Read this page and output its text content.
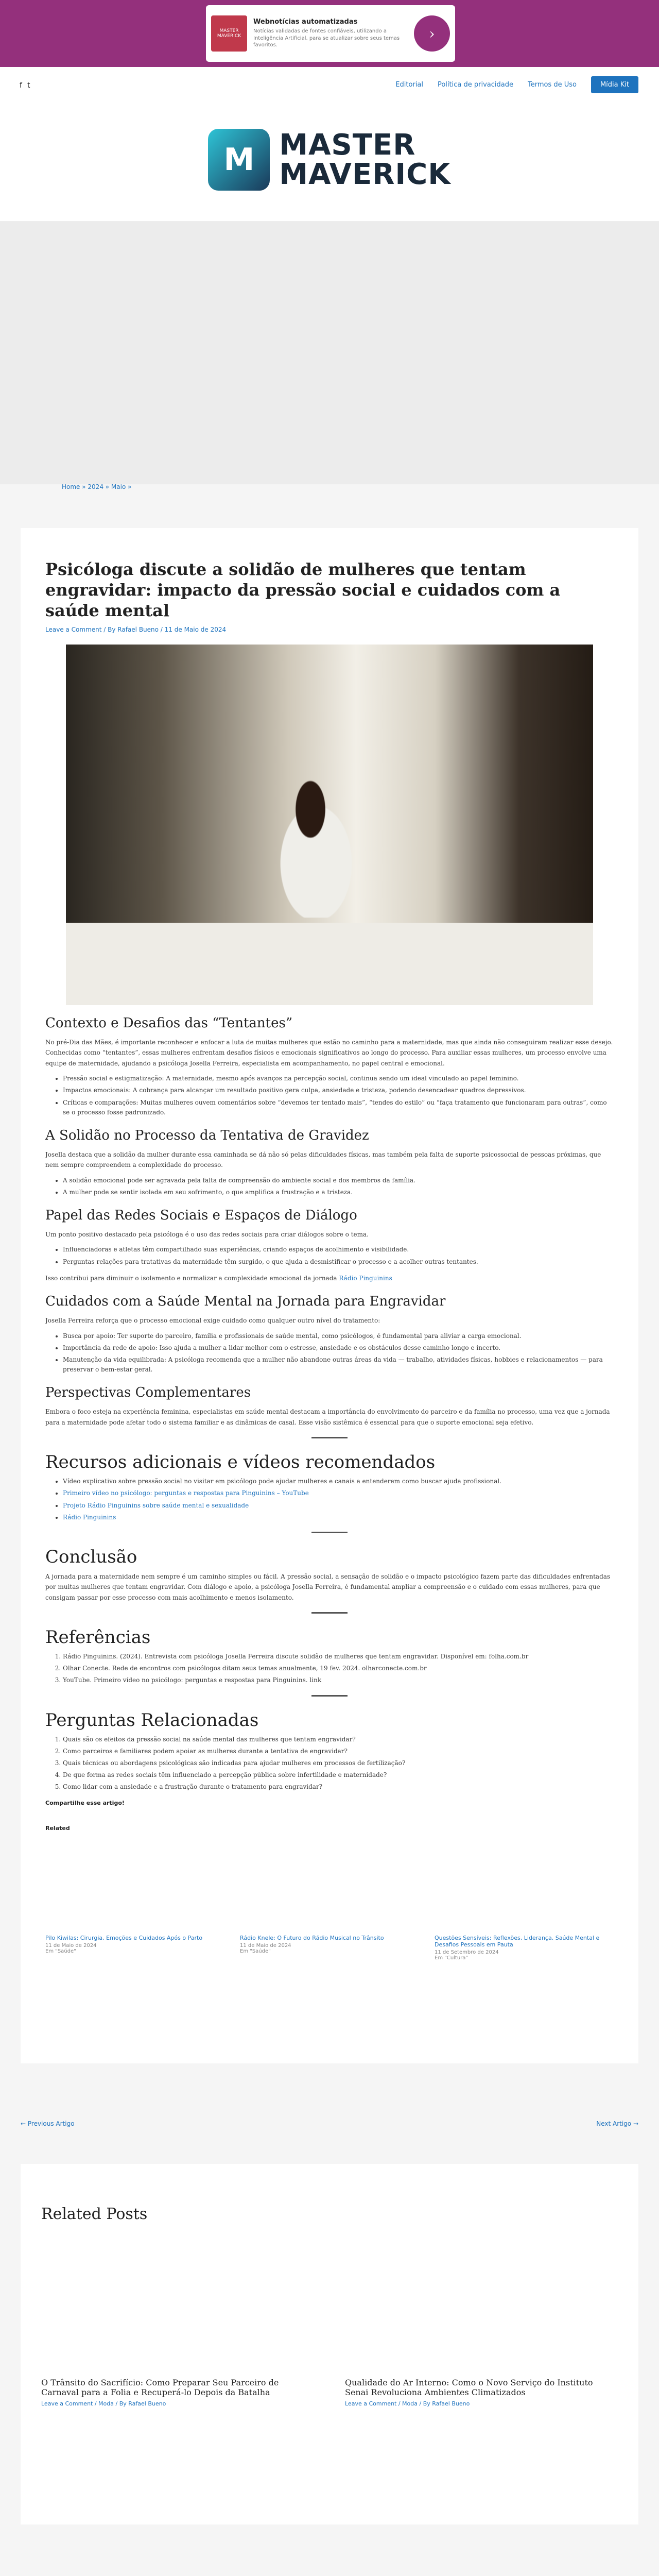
MASTER MAVERICK
Webnotícias automatizadas
Notícias validadas de fontes confiáveis, utilizando a Inteligência Artificial, para se atualizar sobre seus temas favoritos.
›
f t	Editorial Política de privacidade Termos de Uso	Mídia Kit
M MASTER
MAVERICK
Home » 2024 » Maio »
Psicóloga discute a solidão de mulheres que tentam engravidar: impacto da pressão social e cuidados com a saúde mental
Leave a Comment / By Rafael Bueno / 11 de Maio de 2024
Contexto e Desafios das “Tentantes”

No pré-Dia das Mães, é importante reconhecer e enfocar a luta de muitas mulheres que estão no caminho para a maternidade, mas que ainda não conseguiram realizar esse desejo. Conhecidas como “tentantes”, essas mulheres enfrentam desafios físicos e emocionais significativos ao longo do processo. Para auxiliar essas mulheres, um processo envolve uma equipe de maternidade, ajudando a psicóloga Josella Ferreira, especialista em acompanhamento, no papel central e emocional.

• Pressão social e estigmatização: A maternidade, mesmo após avanços na percepção social, continua sendo um ideal vinculado ao papel feminino.
• Impactos emocionais: A cobrança para alcançar um resultado positivo gera culpa, ansiedade e tristeza, podendo desencadear quadros depressivos.
• Críticas e comparações: Muitas mulheres ouvem comentários sobre “devemos ter tentado mais”, “tendes do estilo” ou “faça tratamento que funcionaram para outras”, como se o processo fosse padronizado.
A Solidão no Processo da Tentativa de Gravidez

Josella destaca que a solidão da mulher durante essa caminhada se dá não só pelas dificuldades físicas, mas também pela falta de suporte psicossocial de pessoas próximas, que nem sempre compreendem a complexidade do processo.

• A solidão emocional pode ser agravada pela falta de compreensão do ambiente social e dos membros da família.
• A mulher pode se sentir isolada em seu sofrimento, o que amplifica a frustração e a tristeza.
Papel das Redes Sociais e Espaços de Diálogo

Um ponto positivo destacado pela psicóloga é o uso das redes sociais para criar diálogos sobre o tema.

• Influenciadoras e atletas têm compartilhado suas experiências, criando espaços de acolhimento e visibilidade.
• Perguntas relações para tratativas da maternidade têm surgido, o que ajuda a desmistificar o processo e a acolher outras tentantes.

Isso contribui para diminuir o isolamento e normalizar a complexidade emocional da jornada Rádio Pinguinins

Cuidados com a Saúde Mental na Jornada para Engravidar

Josella Ferreira reforça que o processo emocional exige cuidado como qualquer outro nível do tratamento:

• Busca por apoio: Ter suporte do parceiro, família e profissionais de saúde mental, como psicólogos, é fundamental para aliviar a carga emocional.
• Importância da rede de apoio: Isso ajuda a mulher a lidar melhor com o estresse, ansiedade e os obstáculos desse caminho longo e incerto.
• Manutenção da vida equilibrada: A psicóloga recomenda que a mulher não abandone outras áreas da vida — trabalho, atividades físicas, hobbies e relacionamentos — para preservar o bem-estar geral.
Perspectivas Complementares

Embora o foco esteja na experiência feminina, especialistas em saúde mental destacam a importância do envolvimento do parceiro e da família no processo, uma vez que a jornada para a maternidade pode afetar todo o sistema familiar e as dinâmicas de casal. Esse visão sistêmica é essencial para que o suporte emocional seja efetivo.

Recursos adicionais e vídeos recomendados
• Vídeo explicativo sobre pressão social no visitar em psicólogo pode ajudar mulheres e canais a entenderem como buscar ajuda profissional.
• Primeiro vídeo no psicólogo: perguntas e respostas para Pinguinins – YouTube
• Projeto Rádio Pinguinins sobre saúde mental e sexualidade
• Rádio Pinguinins
Conclusão

A jornada para a maternidade nem sempre é um caminho simples ou fácil. A pressão social, a sensação de solidão e o impacto psicológico fazem parte das dificuldades enfrentadas por muitas mulheres que tentam engravidar. Com diálogo e apoio, a psicóloga Josella Ferreira, é fundamental ampliar a compreensão e o cuidado com essas mulheres, para que consigam passar por esse processo com mais acolhimento e menos isolamento.

Referências
1. Rádio Pinguinins. (2024). Entrevista com psicóloga Josella Ferreira discute solidão de mulheres que tentam engravidar. Disponível em: folha.com.br
2. Olhar Conecte. Rede de encontros com psicólogos ditam seus temas anualmente, 19 fev. 2024. olharconecte.com.br
3. YouTube. Primeiro vídeo no psicólogo: perguntas e respostas para Pinguinins. link
Perguntas Relacionadas
1. Quais são os efeitos da pressão social na saúde mental das mulheres que tentam engravidar?
2. Como parceiros e familiares podem apoiar as mulheres durante a tentativa de engravidar?
3. Quais técnicas ou abordagens psicológicas são indicadas para ajudar mulheres em processos de fertilização?
4. De que forma as redes sociais têm influenciado a percepção pública sobre infertilidade e maternidade?
5. Como lidar com a ansiedade e a frustração durante o tratamento para engravidar?
Compartilhe esse artigo!
Related
Pilo Kiwilas: Cirurgia, Emoções e Cuidados Após o Parto
11 de Maio de 2024
Em "Saúde"
Rádio Knele: O Futuro do Rádio Musical no Trânsito
11 de Maio de 2024
Em "Saúde"
Questões Sensíveis: Reflexões, Liderança, Saúde Mental e Desafios Pessoais em Pauta
11 de Setembro de 2024
Em "Cultura"
← Previous Artigo	Next Artigo →
Related Posts
O Trânsito do Sacrifício: Como Preparar Seu Parceiro de Carnaval para a Folia e Recuperá-lo Depois da Batalha
Leave a Comment / Moda / By Rafael Bueno
Qualidade do Ar Interno: Como o Novo Serviço do Instituto Senai Revoluciona Ambientes Climatizados
Leave a Comment / Moda / By Rafael Bueno
